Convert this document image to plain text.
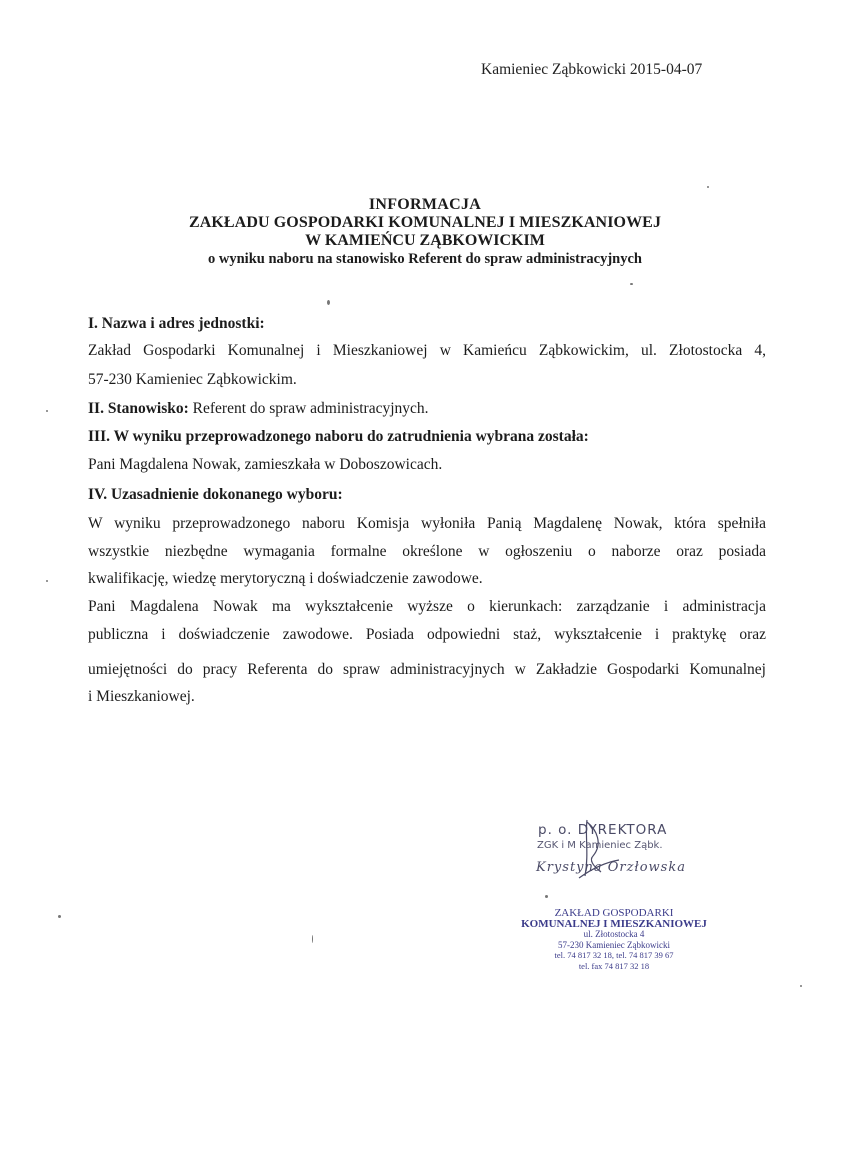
Kamieniec Ząbkowicki 2015-04-07
INFORMACJA
ZAKŁADU GOSPODARKI KOMUNALNEJ I MIESZKANIOWEJ
W KAMIEŃCU ZĄBKOWICKIM
o wyniku naboru na stanowisko Referent do spraw administracyjnych
I. Nazwa i adres jednostki:
Zakład Gospodarki Komunalnej i Mieszkaniowej w Kamieńcu Ząbkowickim, ul. Złotostocka 4,
57-230 Kamieniec Ząbkowickim.
II. Stanowisko: Referent do spraw administracyjnych.
III. W wyniku przeprowadzonego naboru do zatrudnienia wybrana została:
Pani Magdalena Nowak, zamieszkała w Doboszowicach.
IV. Uzasadnienie dokonanego wyboru:
W wyniku przeprowadzonego naboru Komisja wyłoniła Panią Magdalenę Nowak, która spełniła
wszystkie niezbędne wymagania formalne określone w ogłoszeniu o naborze oraz posiada
kwalifikację, wiedzę merytoryczną i doświadczenie zawodowe.
Pani Magdalena Nowak ma wykształcenie wyższe o kierunkach: zarządzanie i administracja
publiczna i doświadczenie zawodowe. Posiada odpowiedni staż, wykształcenie i praktykę oraz
umiejętności do pracy Referenta do spraw administracyjnych w Zakładzie Gospodarki Komunalnej
i Mieszkaniowej.
p. o. DYREKTORA
ZGK i M Kamieniec Ząbk.
Krystyna Orzłowska
ZAKŁAD GOSPODARKI
KOMUNALNEJ I MIESZKANIOWEJ
ul. Złotostocka 4
57-230 Kamieniec Ząbkowicki
tel. 74 817 32 18, tel. 74 817 39 67
tel. fax 74 817 32 18
